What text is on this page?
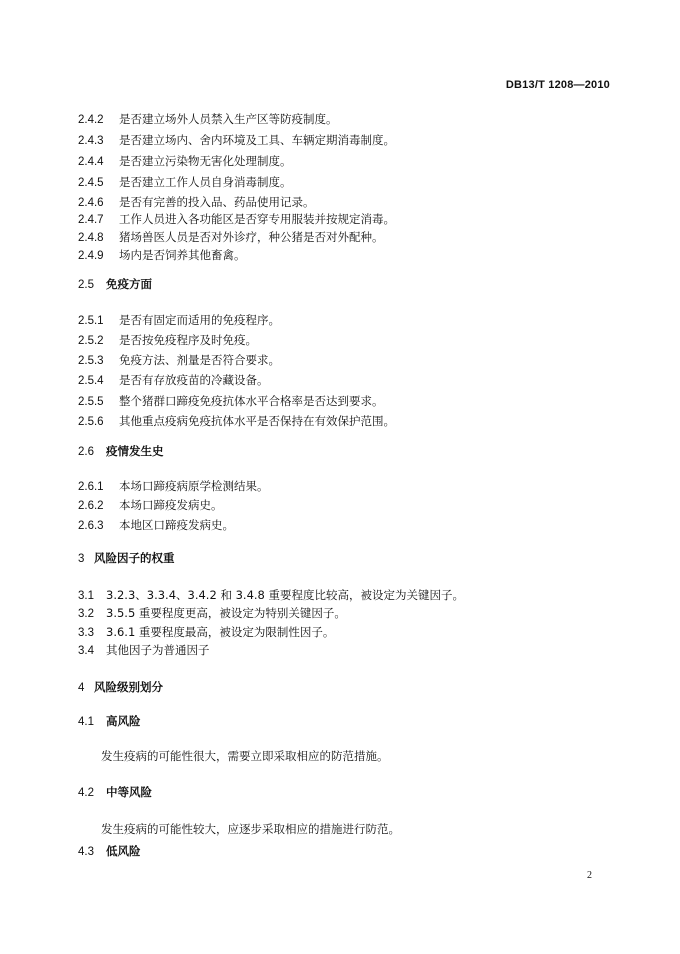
DB13/T 1208—2010
2.4.2 是否建立场外人员禁入生产区等防疫制度。
2.4.3 是否建立场内、舍内环境及工具、车辆定期消毒制度。
2.4.4 是否建立污染物无害化处理制度。
2.4.5 是否建立工作人员自身消毒制度。
2.4.6 是否有完善的投入品、药品使用记录。
2.4.7 工作人员进入各功能区是否穿专用服装并按规定消毒。
2.4.8 猪场兽医人员是否对外诊疗，种公猪是否对外配种。
2.4.9 场内是否饲养其他畜禽。
2.5 免疫方面
2.5.1 是否有固定而适用的免疫程序。
2.5.2 是否按免疫程序及时免疫。
2.5.3 免疫方法、剂量是否符合要求。
2.5.4 是否有存放疫苗的冷藏设备。
2.5.5 整个猪群口蹄疫免疫抗体水平合格率是否达到要求。
2.5.6 其他重点疫病免疫抗体水平是否保持在有效保护范围。
2.6 疫情发生史
2.6.1 本场口蹄疫病原学检测结果。
2.6.2 本场口蹄疫发病史。
2.6.3 本地区口蹄疫发病史。
3 风险因子的权重
3.1 3.2.3、3.3.4、3.4.2 和 3.4.8 重要程度比较高，被设定为关键因子。
3.2 3.5.5 重要程度更高，被设定为特别关键因子。
3.3 3.6.1 重要程度最高，被设定为限制性因子。
3.4 其他因子为普通因子
4 风险级别划分
4.1 高风险
发生疫病的可能性很大，需要立即采取相应的防范措施。
4.2 中等风险
发生疫病的可能性较大，应逐步采取相应的措施进行防范。
4.3 低风险
2
